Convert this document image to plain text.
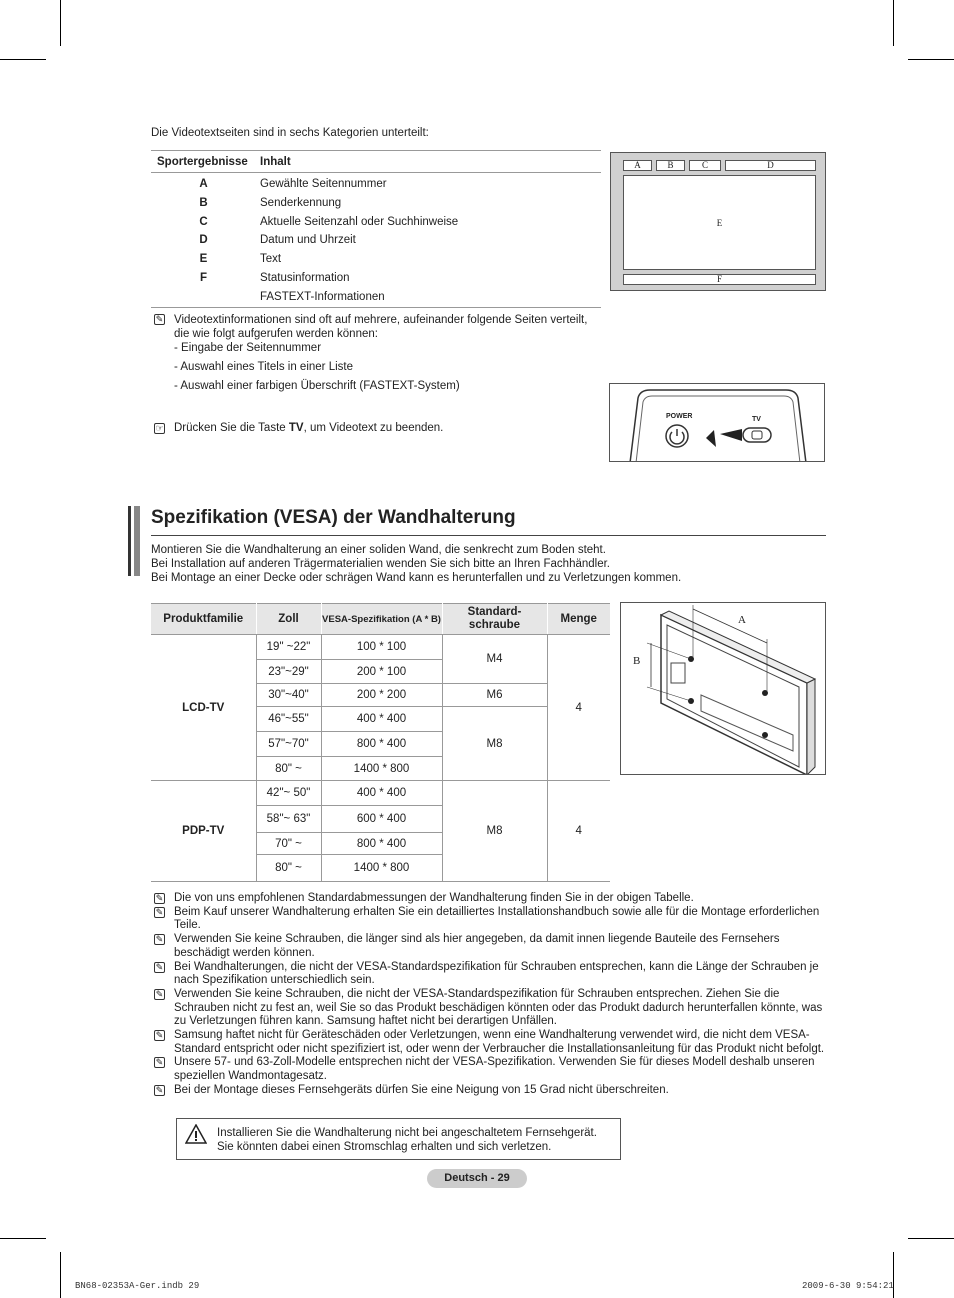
Die Videotextseiten sind in sechs Kategorien unterteilt:
Sportergebnisse	Inhalt
A	Gewählte Seitennummer
B	Senderkennung
C	Aktuelle Seitenzahl oder Suchhinweise
D	Datum und Uhrzeit
E	Text
F	Statusinformation
FASTEXT-Informationen
A	B	C	D
E
F
✎ Videotextinformationen sind oft auf mehrere, aufeinander folgende Seiten verteilt, die wie folgt aufgerufen werden können:
- Eingabe der Seitennummer
- Auswahl eines Titels in einer Liste
- Auswahl einer farbigen Überschrift (FASTEXT-System)
☞ Drücken Sie die Taste TV, um Videotext zu beenden.
POWER	TV
Spezifikation (VESA) der Wandhalterung
Montieren Sie die Wandhalterung an einer soliden Wand, die senkrecht zum Boden steht.
Bei Installation auf anderen Trägermaterialien wenden Sie sich bitte an Ihren Fachhändler.
Bei Montage an einer Decke oder schrägen Wand kann es herunterfallen und zu Verletzungen kommen.
Produktfamilie	Zoll	VESA-Spezifikation (A * B)	Standard-
schraube	Menge
LCD-TV	19" ~22"	100 * 100	M4	4
	23"~29"	200 * 100		
	30"~40"	200 * 200	M6	
	46"~55"	400 * 400	M8	
	57"~70"	800 * 400		
	80" ~	1400 * 800		
PDP-TV	42"~ 50"	400 * 400	M8	4
	58"~ 63"	600 * 400		
	70" ~	800 * 400		
	80" ~	1400 * 800		
A
B
✎ Die von uns empfohlenen Standardabmessungen der Wandhalterung finden Sie in der obigen Tabelle.
✎ Beim Kauf unserer Wandhalterung erhalten Sie ein detailliertes Installationshandbuch sowie alle für die Montage erforderlichen Teile.
✎ Verwenden Sie keine Schrauben, die länger sind als hier angegeben, da damit innen liegende Bauteile des Fernsehers beschädigt werden können.
✎ Bei Wandhalterungen, die nicht der VESA-Standardspezifikation für Schrauben entsprechen, kann die Länge der Schrauben je nach Spezifikation unterschiedlich sein.
✎ Verwenden Sie keine Schrauben, die nicht der VESA-Standardspezifikation für Schrauben entsprechen. Ziehen Sie die Schrauben nicht zu fest an, weil Sie so das Produkt beschädigen könnten oder das Produkt dadurch herunterfallen könnte, was zu Verletzungen führen kann. Samsung haftet nicht bei derartigen Unfällen.
✎ Samsung haftet nicht für Geräteschäden oder Verletzungen, wenn eine Wandhalterung verwendet wird, die nicht dem VESA-Standard entspricht oder nicht spezifiziert ist, oder wenn der Verbraucher die Installationsanleitung für das Produkt nicht befolgt.
✎ Unsere 57- und 63-Zoll-Modelle entsprechen nicht der VESA-Spezifikation. Verwenden Sie für dieses Modell deshalb unseren speziellen Wandmontagesatz.
✎ Bei der Montage dieses Fernsehgeräts dürfen Sie eine Neigung von 15 Grad nicht überschreiten.
Installieren Sie die Wandhalterung nicht bei angeschaltetem Fernsehgerät.
Sie könnten dabei einen Stromschlag erhalten und sich verletzen.
Deutsch - 29
BN68-02353A-Ger.indb 29	2009-6-30 9:54:21
